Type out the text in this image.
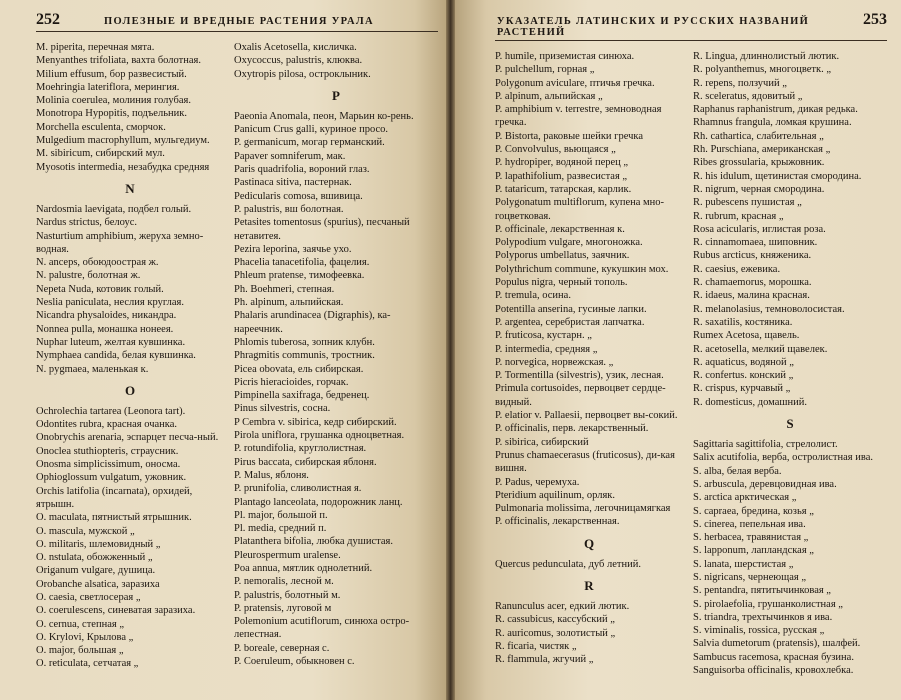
252	ПОЛЕЗНЫЕ И ВРЕДНЫЕ РАСТЕНИЯ УРАЛА
M. piperita, перечная мята.
Menyanthes trifoliata, вахта болотная.
Milium effusum, бор развесистый.
Moehringia lateriflora, мерингия.
Molinia coerulea, молиния голубая.
Monotropa Hypopitis, подъельник.
Morchella esculenta, сморчок.
Mulgedium macrophyllum, мульгедиум.
M. sibiricum, сибирский мул.
Myosotis intermedia, незабудка средняя
N
Nardosmia laevigata, подбел голый.
Nardus strictus, белоус.
Nasturtium amphibium, жеруха земно-водная.
N. anceps, обоюдоострая ж.
N. palustre, болотная ж.
Nepeta Nuda, котовик голый.
Neslia paniculata, неслия круглая.
Nicandra physaloides, никандра.
Nonnea pulla, монашка нонеея.
Nuphar luteum, желтая кувшинка.
Nymphaea candida, белая кувшинка.
N. pygmaea, маленькая к.
O
Ochrolechia tartarea (Leonora tart).
Odontites rubra, красная очанка.
Onobrychis arenaria, эспарцет песча-ный.
Onoclea stuthiopteris, страусник.
Onosma simplicissimum, оносма.
Ophioglossum vulgatum, ужовник.
Orchis latifolia (incarnata), орхидей, ятрышн.
O. maculata, пятнистый ятрышник.
O. mascula, мужской „
O. militaris, шлемовидный „
O. nstulata, обожженный „
Origanum vulgare, душица.
Orobanche alsatica, заразиха
O. caesia, светлосерая „
O. coerulescens, синеватая заразиха.
O. cernua, степная „
O. Krylovi, Крылова „
O. major, большая „
O. reticulata, сетчатая „
Oxalis Acetosella, кисличка.
Oxycoccus, palustris, клюква.
Oxytropis pilosa, остроклыник.
P
Paeonia Anomala, пеон, Марьин ко-рень.
Panicum Crus galli, куриное просо.
P. germanicum, могар германский.
Papaver somniferum, мак.
Paris quadrifolia, вороний глаз.
Pastinaca sitiva, пастернак.
Pedicularis comosa, вшивица.
P. palustris, вш болотная.
Petasites tomentosus (spurius), песчаный нетавитея.
Pezira leporina, заячье ухо.
Phacelia tanacetifolia, фацелия.
Phleum pratense, тимофеевка.
Ph. Boehmeri, степная.
Ph. alpinum, альпийская.
Phalaris arundinacea (Digraphis), ка-нареечник.
Phlomis tuberosa, зопник клубн.
Phragmitis communis, тростник.
Picea obovata, ель сибирская.
Picris hieracioides, горчак.
Pimpinella saxifraga, бедренец.
Pinus silvestris, сосна.
P Cembra v. sibirica, кедр сибирский.
Pirola uniflora, грушанка одноцветная.
P. rotundifolia, круглолистная.
Pirus baccata, сибирская яблоня.
P. Malus, яблоня.
P. prunifolia, сливолистная я.
Plantago lanceolata, подорожник ланц.
Pl. major, большой п.
Pl. media, средний п.
Platanthera bifolia, любка душистая.
Pleurospermum uralense.
Poa annua, мятлик однолетний.
P. nemoralis, лесной м.
P. palustris, болотный м.
P. pratensis, луговой м
Polemonium acutiflorum, синюха остро-лепестная.
P. boreale, северная с.
P. Coeruleum, обыкновен с.
УКАЗАТЕЛЬ ЛАТИНСКИХ И РУССКИХ НАЗВАНИЙ РАСТЕНИЙ
253
P. humile, приземистая синюха.
P. pulchellum, горная „
Polygonum aviculare, птичья гречка.
P. alpinum, альпийская „
P. amphibium v. terrestre, земноводная гречка.
P. Bistorta, раковые шейки гречка
P. Convolvulus, вьющаяся „
P. hydropiper, водяной перец „
P. lapathifolium, развесистая „
P. tataricum, татарская, карлик.
Polygonatum multiflorum, купена мно-гоцветковая.
P. officinale, лекарственная к.
Polypodium vulgare, многоножка.
Polyporus umbellatus, заячник.
Polythrichum commune, кукушкин мох.
Populus nigra, черный тополь.
P. tremula, осина.
Potentilla anserina, гусиные лапки.
P. argentea, серебристая лапчатка.
P. fruticosa, кустарн. „
P. intermedia, средняя „
P. norvegica, норвежская. „
P. Tormentilla (silvestris), узик, лесная.
Primula cortusoides, первоцвет сердце-видный.
P. elatior v. Pallaesii, первоцвет вы-сокий.
P. officinalis, перв. лекарственный.
P. sibirica, сибирский
Prunus chamaecerasus (fruticosus), ди-кая вишня.
P. Padus, черемуха.
Pteridium aquilinum, орляк.
Pulmonaria molissima, легочницамягкая
P. officinalis, лекарственная.
Q
Quercus pedunculata, дуб летний.
R
Ranunculus acer, едкий лютик.
R. cassubicus, кассубский „
R. auricomus, золотистый „
R. ficaria, чистяк „
R. flammula, жгучий „
R. Lingua, длиннолистый лютик.
R. polyanthemus, многоцветк. „
R. repens, ползучий „
R. sceleratus, ядовитый „
Raphanus raphanistrum, дикая редька.
Rhamnus frangula, ломкая крушина.
Rh. cathartica, слабительная „
Rh. Purschiana, американская „
Ribes grossularia, крыжовник.
R. his idulum, щетинистая смородина.
R. nigrum, черная смородина.
R. pubescens пушистая „
R. rubrum, красная „
Rosa acicularis, иглистая роза.
R. cinnamomaea, шиповник.
Rubus arcticus, княженика.
R. caesius, ежевика.
R. chamaemorus, морошка.
R. idaeus, малина красная.
R. melanolasius, темноволосистая.
R. saxatilis, костяника.
Rumex Acetosa, щавель.
R. acetosella, мелкий щавелек.
R. aquaticus, водяной „
R. confertus. конский „
R. crispus, курчавый „
R. domesticus, домашний.
S
Sagittaria sagittifolia, стрелолист.
Salix acutifolia, верба, остролистная ива.
S. alba, белая верба.
S. arbuscula, деревцовидная ива.
S. arctica арктическая „
S. caprаea, бредина, козья „
S. cinerea, пепельная ива.
S. herbacea, травянистая „
S. lapponum, лапландская „
S. lanata, шерстистая „
S. nigricans, чернеющая „
S. pentandra, пятитычинковая „
S. pirolaefolia, грушанколистная „
S. triandra, трехтычинков я ива.
S. viminalis, rossica, русская „
Salvia dumetorum (pratensis), шалфей.
Sambucus racemosa, красная бузина.
Sanguisorba officinalis, кровохлебка.
